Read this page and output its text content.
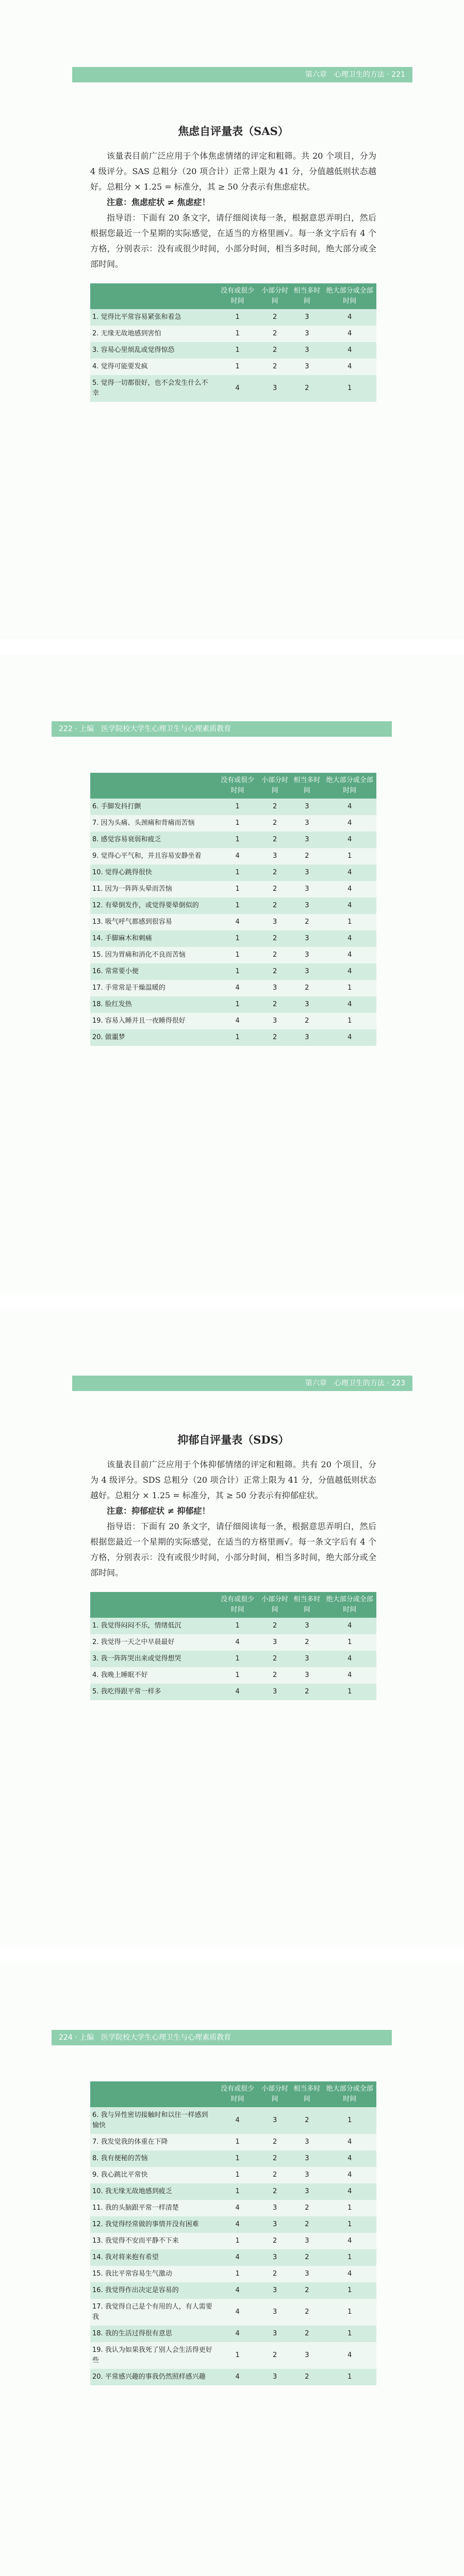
第六章　心理卫生的方法 · 221
焦虑自评量表（SAS）

该量表目前广泛应用于个体焦虑情绪的评定和粗筛。共 20 个项目，分为 4 级评分。SAS 总粗分（20 项合计）正常上限为 41 分，分值越低则状态越好。总粗分 × 1.25 = 标准分，其 ≥ 50 分表示有焦虑症状。

注意：焦虑症状 ≠ 焦虑症！

指导语：下面有 20 条文字，请仔细阅读每一条，根据意思弄明白，然后根据您最近一个星期的实际感觉，在适当的方格里画√。每一条文字后有 4 个方格，分别表示：没有或很少时间，小部分时间，相当多时间，绝大部分或全部时间。

	没有或很少时间	小部分时间	相当多时间	绝大部分或全部时间
1. 觉得比平常容易紧张和着急	1	2	3	4
2. 无缘无故地感到害怕	1	2	3	4
3. 容易心里烦乱或觉得惊恐	1	2	3	4
4. 觉得可能要发疯	1	2	3	4
5. 觉得一切都很好，也不会发生什么不幸	4	3	2	1
222 · 上编　医学院校大学生心理卫生与心理素质教育
	没有或很少时间	小部分时间	相当多时间	绝大部分或全部时间
6. 手脚发抖打颤	1	2	3	4
7. 因为头痛、头颈痛和背痛而苦恼	1	2	3	4
8. 感觉容易衰弱和疲乏	1	2	3	4
9. 觉得心平气和，并且容易安静坐着	4	3	2	1
10. 觉得心跳得很快	1	2	3	4
11. 因为一阵阵头晕而苦恼	1	2	3	4
12. 有晕倒发作，或觉得要晕倒似的	1	2	3	4
13. 吸气呼气都感到很容易	4	3	2	1
14. 手脚麻木和刺痛	1	2	3	4
15. 因为胃痛和消化不良而苦恼	1	2	3	4
16. 常常要小便	1	2	3	4
17. 手常常是干燥温暖的	4	3	2	1
18. 脸红发热	1	2	3	4
19. 容易入睡并且一夜睡得很好	4	3	2	1
20. 做噩梦	1	2	3	4
第六章　心理卫生的方法 · 223
抑郁自评量表（SDS）

该量表目前广泛应用于个体抑郁情绪的评定和粗筛。共有 20 个项目，分为 4 级评分。SDS 总粗分（20 项合计）正常上限为 41 分，分值越低则状态越好。总粗分 × 1.25 = 标准分，其 ≥ 50 分表示有抑郁症状。

注意：抑郁症状 ≠ 抑郁症！

指导语：下面有 20 条文字，请仔细阅读每一条，根据意思弄明白，然后根据您最近一个星期的实际感觉，在适当的方格里画√。每一条文字后有 4 个方格，分别表示：没有或很少时间，小部分时间，相当多时间，绝大部分或全部时间。

	没有或很少时间	小部分时间	相当多时间	绝大部分或全部时间
1. 我觉得闷闷不乐，情绪低沉	1	2	3	4
2. 我觉得一天之中早晨最好	4	3	2	1
3. 我一阵阵哭出来或觉得想哭	1	2	3	4
4. 我晚上睡眠不好	1	2	3	4
5. 我吃得跟平常一样多	4	3	2	1
224 · 上编　医学院校大学生心理卫生与心理素质教育
	没有或很少时间	小部分时间	相当多时间	绝大部分或全部时间
6. 我与异性密切接触时和以往一样感到愉快	4	3	2	1
7. 我发觉我的体重在下降	1	2	3	4
8. 我有便秘的苦恼	1	2	3	4
9. 我心跳比平常快	1	2	3	4
10. 我无缘无故地感到疲乏	1	2	3	4
11. 我的头脑跟平常一样清楚	4	3	2	1
12. 我觉得经常做的事情并没有困难	4	3	2	1
13. 我觉得不安而平静不下来	1	2	3	4
14. 我对将来抱有希望	4	3	2	1
15. 我比平常容易生气激动	1	2	3	4
16. 我觉得作出决定是容易的	4	3	2	1
17. 我觉得自己是个有用的人，有人需要我	4	3	2	1
18. 我的生活过得很有意思	4	3	2	1
19. 我认为如果我死了别人会生活得更好些	1	2	3	4
20. 平常感兴趣的事我仍然照样感兴趣	4	3	2	1
